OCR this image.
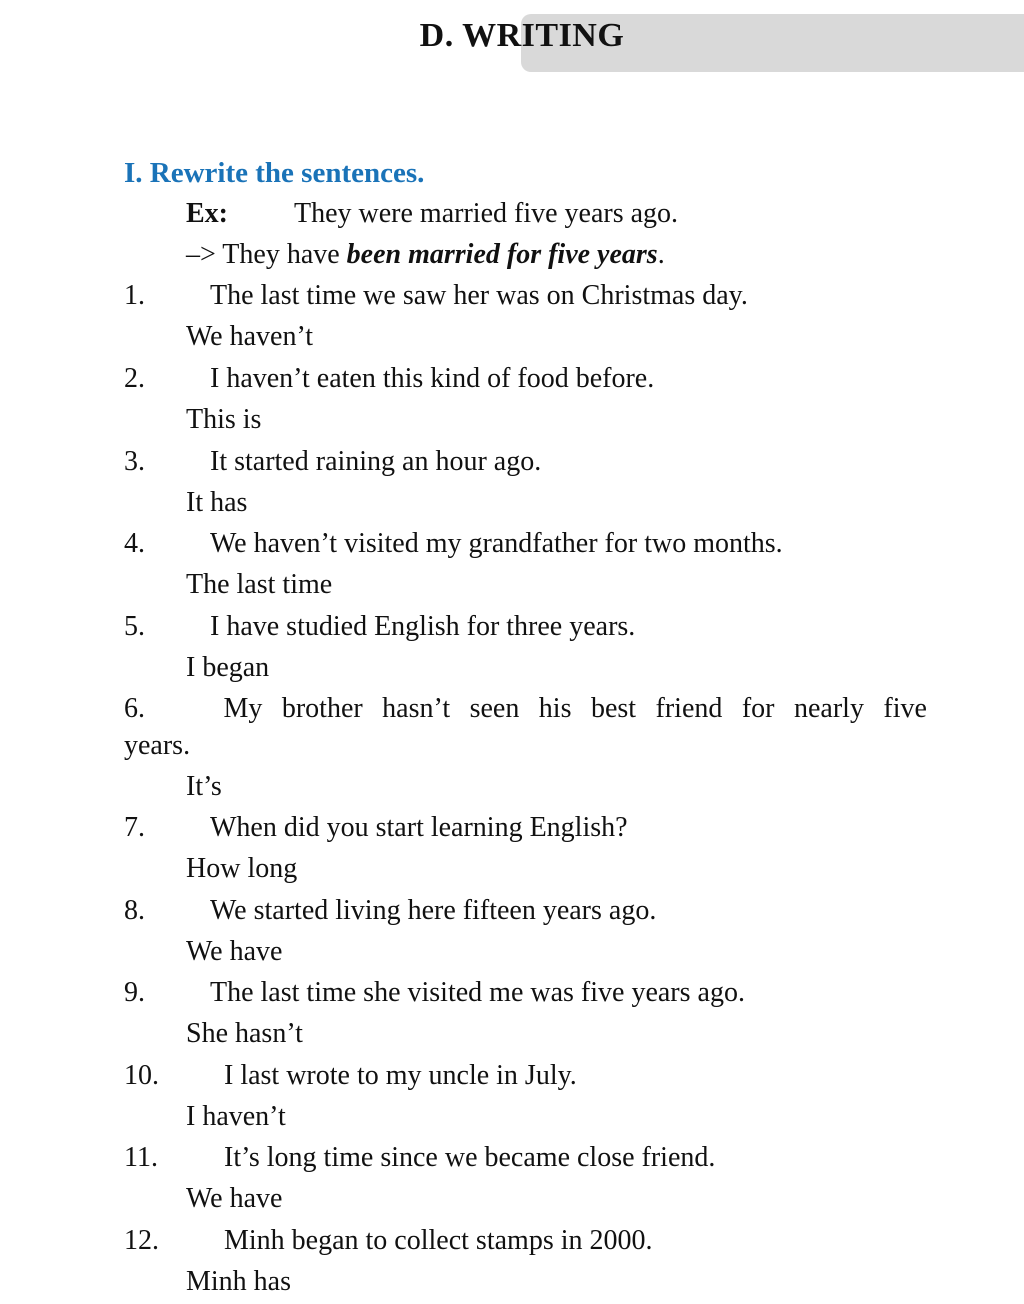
D. WRITING
I. Rewrite the sentences.
Ex: They were married five years ago.
–> They have been married for five years.
1. The last time we saw her was on Christmas day.
We haven’t
2. I haven’t eaten this kind of food before.
This is
3. It started raining an hour ago.
It has
4. We haven’t visited my grandfather for two months.
The last time
5. I have studied English for three years.
I began
6.	My brother hasn’t seen his best friend for nearly five
years.
It’s
7. When did you start learning English?
How long
8. We started living here fifteen years ago.
We have
9. The last time she visited me was five years ago.
She hasn’t
10. I last wrote to my uncle in July.
I haven’t
11. It’s long time since we became close friend.
We have
12. Minh began to collect stamps in 2000.
Minh has
